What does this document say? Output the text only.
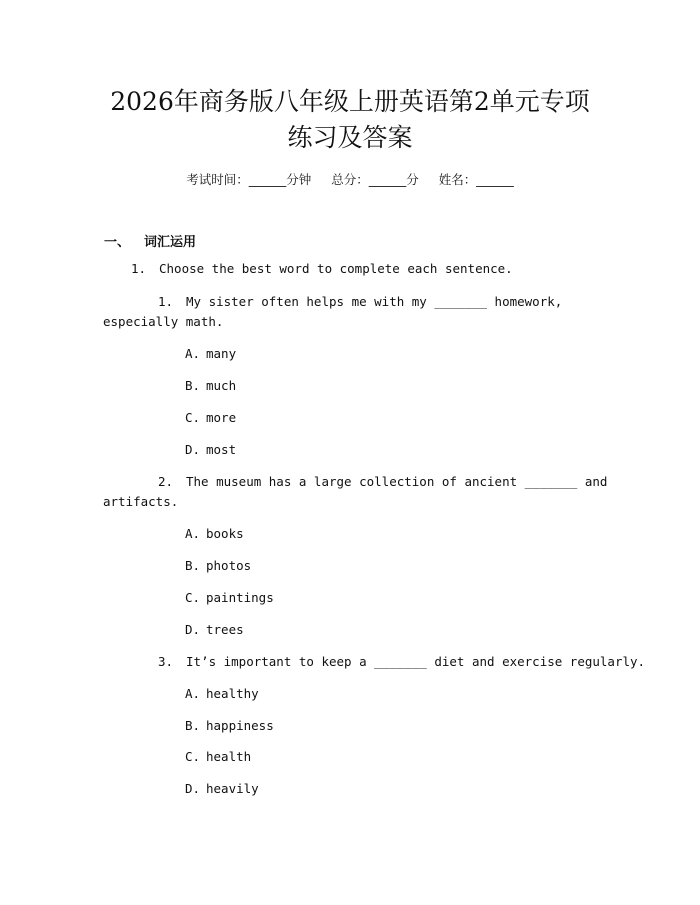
2026年商务版八年级上册英语第2单元专项
练习及答案
考试时间：______分钟 总分：______分 姓名：______
一、 词汇运用
1. Choose the best word to complete each sentence.
1. My sister often helps me with my _______ homework,
especially math.
A. many
B. much
C. more
D. most
2. The museum has a large collection of ancient _______ and
artifacts.
A. books
B. photos
C. paintings
D. trees
3. It’s important to keep a _______ diet and exercise regularly.
A. healthy
B. happiness
C. health
D. heavily
